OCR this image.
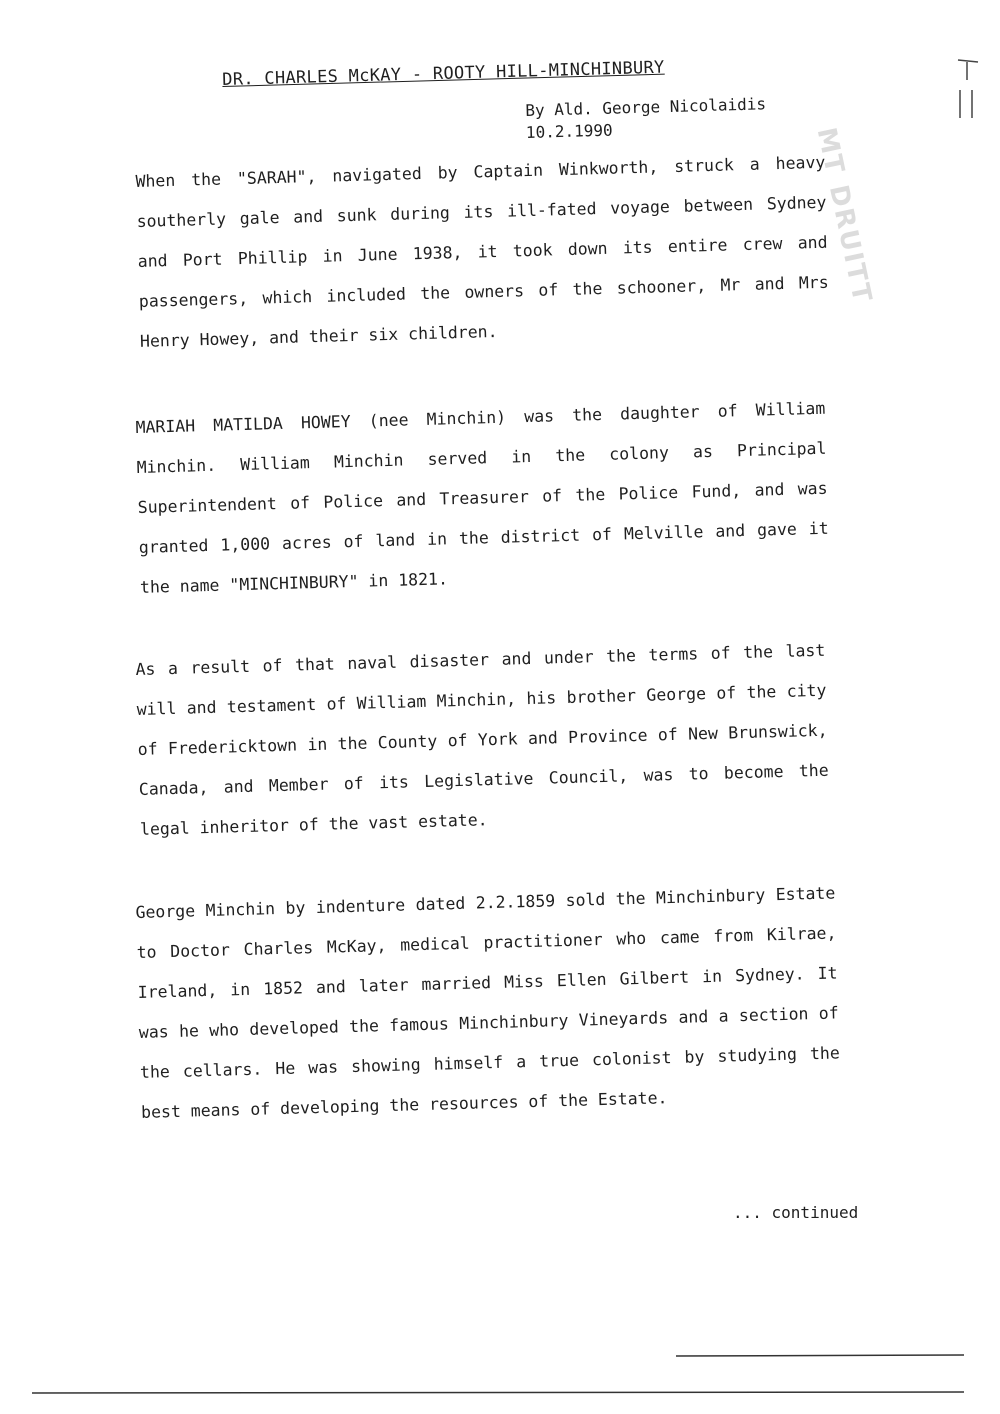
MT DRUITT
DR. CHARLES McKAY - ROOTY HILL-MINCHINBURY
By Ald. George Nicolaidis
10.2.1990
When the "SARAH", navigated by Captain Winkworth, struck a heavy southerly gale and sunk during its ill-fated voyage between Sydney and Port Phillip in June 1938, it took down its entire crew and passengers, which included the owners of the schooner, Mr and Mrs Henry Howey, and their six children.
MARIAH MATILDA HOWEY (nee Minchin) was the daughter of William Minchin. William Minchin served in the colony as Principal Superintendent of Police and Treasurer of the Police Fund, and was granted 1,000 acres of land in the district of Melville and gave it the name "MINCHINBURY" in 1821.
As a result of that naval disaster and under the terms of the last will and testament of William Minchin, his brother George of the city of Fredericktown in the County of York and Province of New Brunswick, Canada, and Member of its Legislative Council, was to become the legal inheritor of the vast estate.
George Minchin by indenture dated 2.2.1859 sold the Minchinbury Estate to Doctor Charles McKay, medical practitioner who came from Kilrae, Ireland, in 1852 and later married Miss Ellen Gilbert in Sydney. It was he who developed the famous Minchinbury Vineyards and a section of the cellars. He was showing himself a true colonist by studying the best means of developing the resources of the Estate.
... continued
